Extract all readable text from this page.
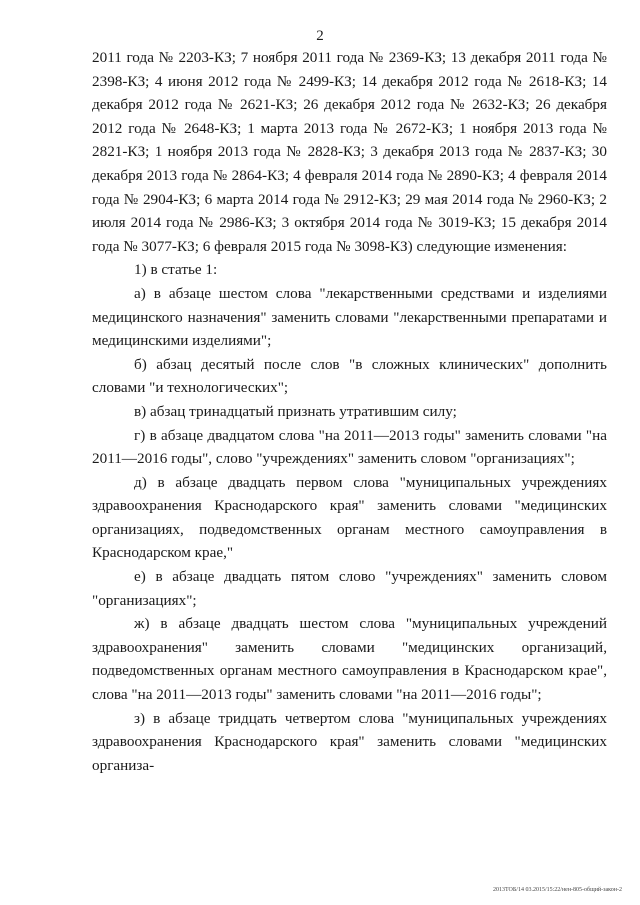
2

2011 года № 2203-КЗ; 7 ноября 2011 года № 2369-КЗ; 13 декабря 2011 года № 2398-КЗ; 4 июня 2012 года № 2499-КЗ; 14 декабря 2012 года № 2618-КЗ; 14 декабря 2012 года № 2621-КЗ; 26 декабря 2012 года № 2632-КЗ; 26 декабря 2012 года № 2648-КЗ; 1 марта 2013 года № 2672-КЗ; 1 ноября 2013 года № 2821-КЗ; 1 ноября 2013 года № 2828-КЗ; 3 декабря 2013 года № 2837-КЗ; 30 декабря 2013 года № 2864-КЗ; 4 февраля 2014 года № 2890-КЗ; 4 февраля 2014 года № 2904-КЗ; 6 марта 2014 года № 2912-КЗ; 29 мая 2014 года № 2960-КЗ; 2 июля 2014 года № 2986-КЗ; 3 октября 2014 года № 3019-КЗ; 15 декабря 2014 года № 3077-КЗ; 6 февраля 2015 года № 3098-КЗ) следующие изменения:

1) в статье 1:

а) в абзаце шестом слова "лекарственными средствами и изделиями медицинского назначения" заменить словами "лекарственными препаратами и медицинскими изделиями";

б) абзац десятый после слов "в сложных клинических" дополнить словами "и технологических";

в) абзац тринадцатый признать утратившим силу;

г) в абзаце двадцатом слова "на 2011—2013 годы" заменить словами "на 2011—2016 годы", слово "учреждениях" заменить словом "организациях";

д) в абзаце двадцать первом слова "муниципальных учреждениях здравоохранения Краснодарского края" заменить словами "медицинских организациях, подведомственных органам местного самоуправления в Краснодарском крае,"

е) в абзаце двадцать пятом слово "учреждениях" заменить словом "организациях";

ж) в абзаце двадцать шестом слова "муниципальных учреждений здравоохранения" заменить словами "медицинских организаций, подведомственных органам местного самоуправления в Краснодарском крае", слова "на 2011—2013 годы" заменить словами "на 2011—2016 годы";

з) в абзаце тридцать четвертом слова "муниципальных учреждениях здравоохранения Краснодарского края" заменить словами "медицинских организа-

2013ТОБ/14 03.2015/15:22/нен-805-общий-закон-2
